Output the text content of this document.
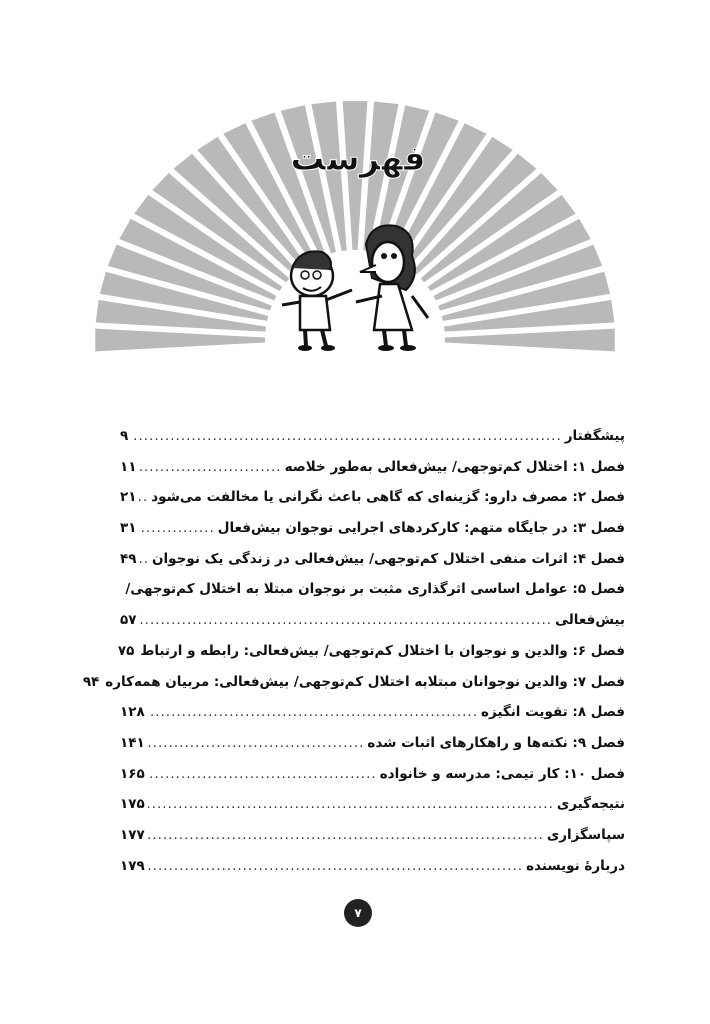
فهرست
پیشگفتار
.....
۹
فصل ۱: اختلال کم‌توجهی/ بیش‌فعالی به‌طور خلاصه
.....
۱۱
فصل ۲: مصرف دارو: گزینه‌ای که گاهی باعث نگرانی یا مخالفت می‌شود
.....
۲۱
فصل ۳: در جایگاه متهم: کارکردهای اجرایی نوجوان بیش‌فعال
.....
۳۱
فصل ۴: اثرات منفی اختلال کم‌توجهی/ بیش‌فعالی در زندگی یک نوجوان
.....
۴۹
فصل ۵: عوامل اساسی اثرگذاری مثبت بر نوجوان مبتلا به اختلال کم‌توجهی/
بیش‌فعالی
.....
۵۷
فصل ۶: والدین و نوجوان با اختلال کم‌توجهی/ بیش‌فعالی: رابطه و ارتباط
۷۵
فصل ۷: والدین نوجوانان مبتلابه اختلال کم‌توجهی/ بیش‌فعالی: مربیان همه‌کاره
۹۴
فصل ۸: تقویت انگیزه
.....
۱۲۸
فصل ۹: نکته‌ها و راهکارهای اثبات شده
.....
۱۴۱
فصل ۱۰: کار تیمی: مدرسه و خانواده
.....
۱۶۵
نتیجه‌گیری
.....
۱۷۵
سپاسگزاری
.....
۱۷۷
دربارهٔ نویسنده
.....
۱۷۹
۷
